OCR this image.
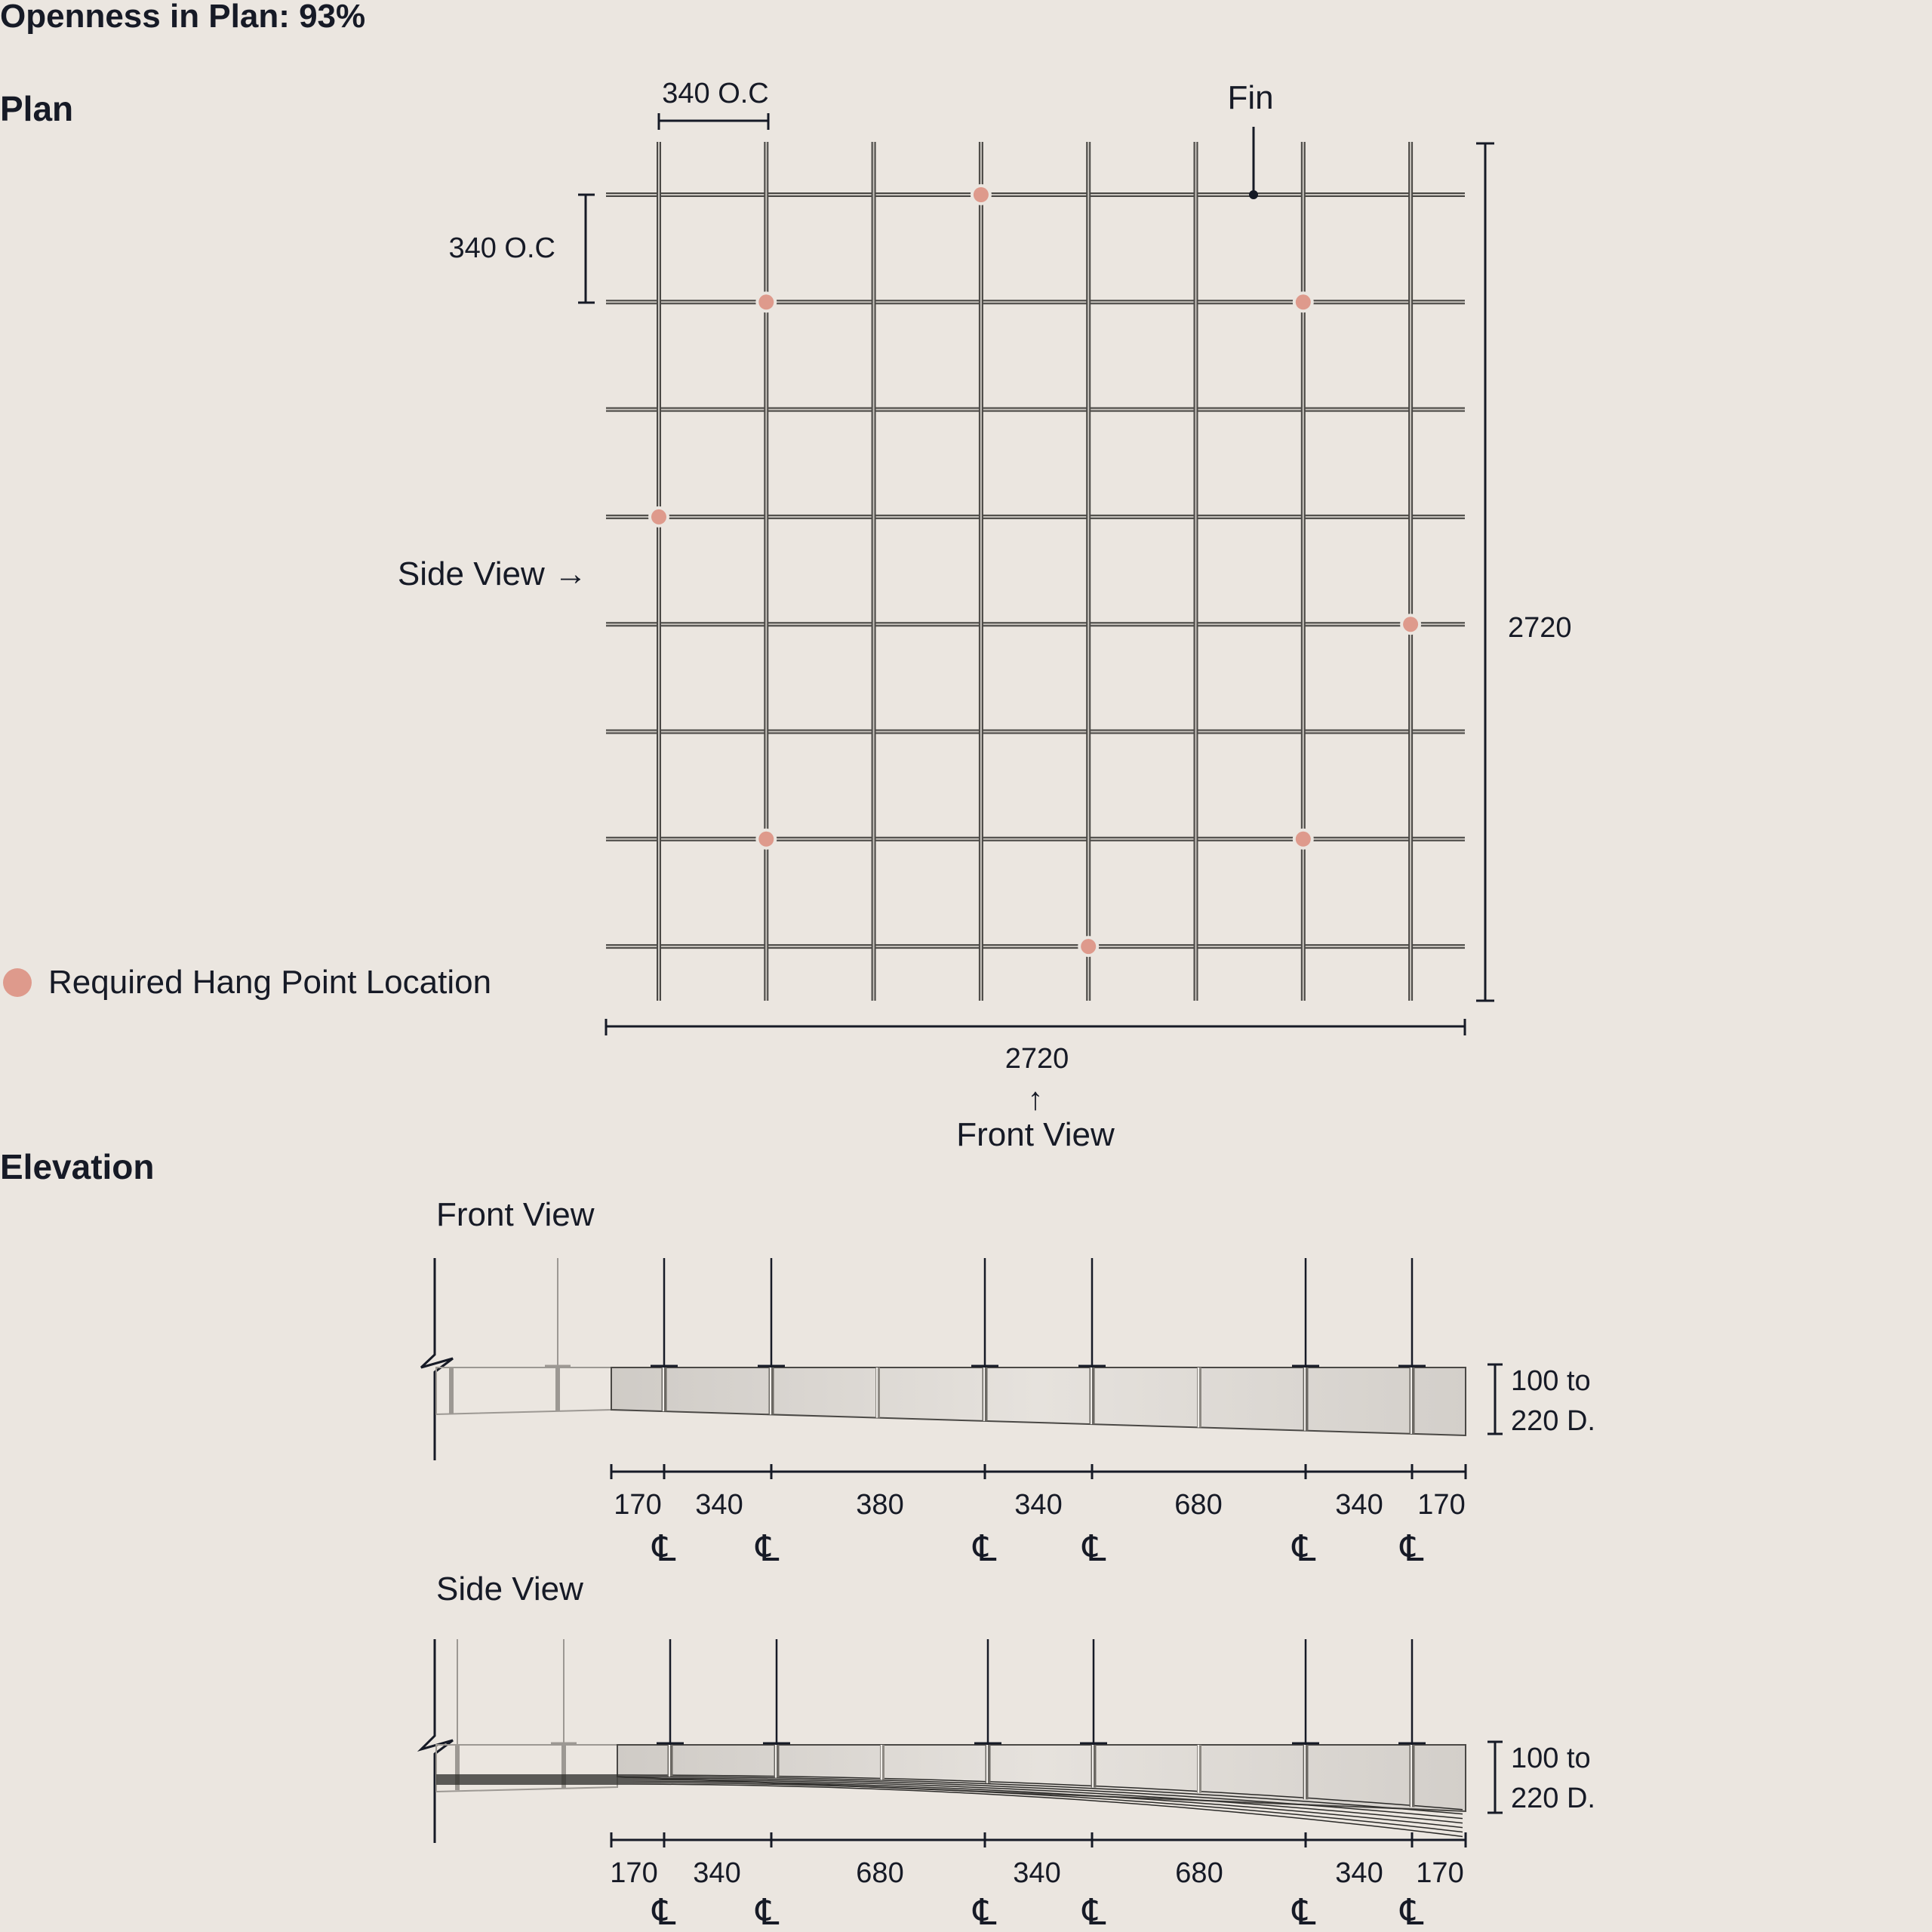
Openness in Plan: 93%
Plan
Elevation
340 O.C
340 O.C
Fin
Side View →
2720
2720
↑
Front View
Required Hang Point Location
Front View
100 to
220 D.
170 340	380	340	680	340 170
℄ ℄	℄ ℄	℄ ℄
Side View
100 to
220 D.
170 340	680	340	680	340 170
℄ ℄	℄ ℄	℄ ℄
